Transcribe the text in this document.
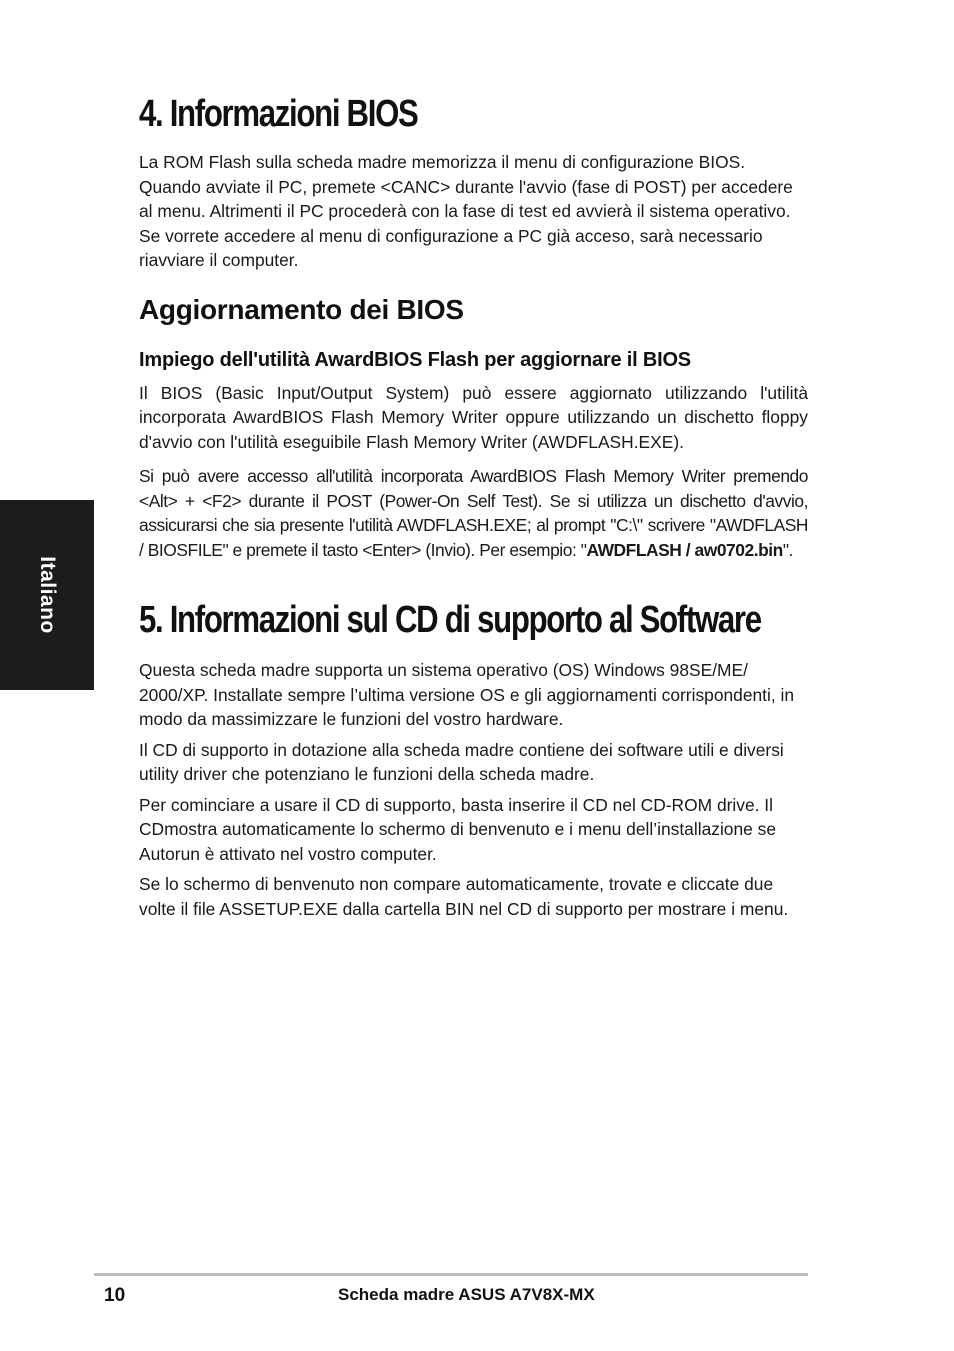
Italiano
4. Informazioni BIOS

La ROM Flash sulla scheda madre memorizza il menu di configurazione BIOS. Quando avviate il PC, premete <CANC> durante l'avvio (fase di POST) per accedere al menu. Altrimenti il PC procederà con la fase di test ed avvierà il sistema operativo. Se vorrete accedere al menu di configurazione a PC già acceso, sarà necessario riavviare il computer.

Aggiornamento dei BIOS
Impiego dell'utilità AwardBIOS Flash per aggiornare il BIOS

Il BIOS (Basic Input/Output System) può essere aggiornato utilizzando l'utilità incorporata AwardBIOS Flash Memory Writer oppure utilizzando un dischetto floppy d'avvio con l'utilità eseguibile Flash Memory Writer (AWDFLASH.EXE).

Si può avere accesso all'utilità incorporata AwardBIOS Flash Memory Writer premendo <Alt> + <F2> durante il POST (Power-On Self Test). Se si utilizza un dischetto d'avvio, assicurarsi che sia presente l'utilità AWDFLASH.EXE; al prompt "C:\" scrivere "AWDFLASH / BIOSFILE" e premete il tasto <Enter> (Invio). Per esempio: "AWDFLASH / aw0702.bin".

5. Informazioni sul CD di supporto al Software

Questa scheda madre supporta un sistema operativo (OS) Windows 98SE/ME/ 2000/XP. Installate sempre l’ultima versione OS e gli aggiornamenti corrispondenti, in modo da massimizzare le funzioni del vostro hardware.

Il CD di supporto in dotazione alla scheda madre contiene dei software utili e diversi utility driver che potenziano le funzioni della scheda madre.

Per cominciare a usare il CD di supporto, basta inserire il CD nel CD-ROM drive. Il CDmostra automaticamente lo schermo di benvenuto e i menu dell’installazione se Autorun è attivato nel vostro computer.

Se lo schermo di benvenuto non compare automaticamente, trovate e cliccate due volte il file ASSETUP.EXE dalla cartella BIN nel CD di supporto per mostrare i menu.

10	Scheda madre ASUS A7V8X-MX
